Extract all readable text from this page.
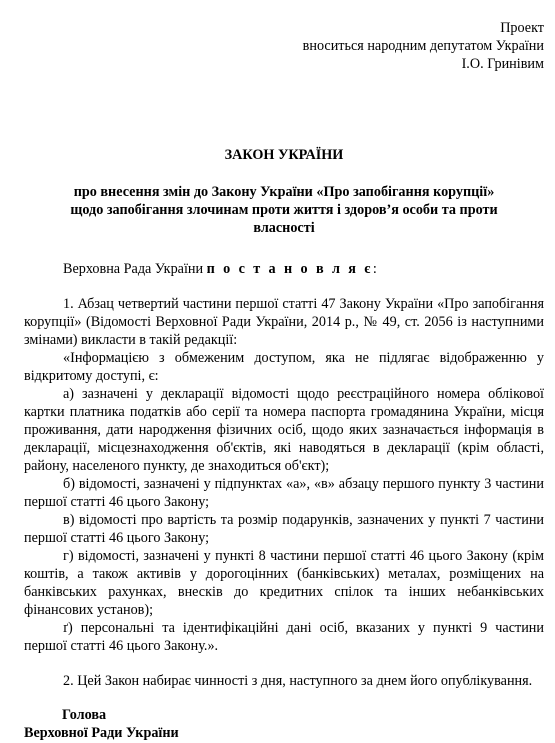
Проект

вноситься народним депутатом України

І.О. Гринівим

ЗАКОН УКРАЇНИ

про внесення змін до Закону України «Про запобігання корупції»

щодо запобігання злочинам проти життя і здоров’я особи та проти

власності

Верховна Рада України п о с т а н о в л я є:

1. Абзац четвертий частини першої статті 47 Закону України «Про запобігання корупції» (Відомості Верховної Ради України, 2014 р., № 49, ст. 2056 із наступними змінами) викласти в такій редакції:

«Інформацією з обмеженим доступом, яка не підлягає відображенню у відкритому доступі, є:

а) зазначені у декларації відомості щодо реєстраційного номера облікової картки платника податків або серії та номера паспорта громадянина України, місця проживання, дати народження фізичних осіб, щодо яких зазначається інформація в декларації, місцезнаходження об'єктів, які наводяться в декларації (крім області, району, населеного пункту, де знаходиться об'єкт);

б) відомості, зазначені у підпунктах «а», «в» абзацу першого пункту 3 частини першої статті 46 цього Закону;

в) відомості про вартість та розмір подарунків, зазначених у пункті 7 частини першої статті 46 цього Закону;

г) відомості, зазначені у пункті 8 частини першої статті 46 цього Закону (крім коштів, а також активів у дорогоцінних (банківських) металах, розміщених на банківських рахунках, внесків до кредитних спілок та інших небанківських фінансових установ);

ґ) персональні та ідентифікаційні дані осіб, вказаних у пункті 9 частини першої статті 46 цього Закону.».

2. Цей Закон набирає чинності з дня, наступного за днем його опублікування.

Голова

Верховної Ради України
